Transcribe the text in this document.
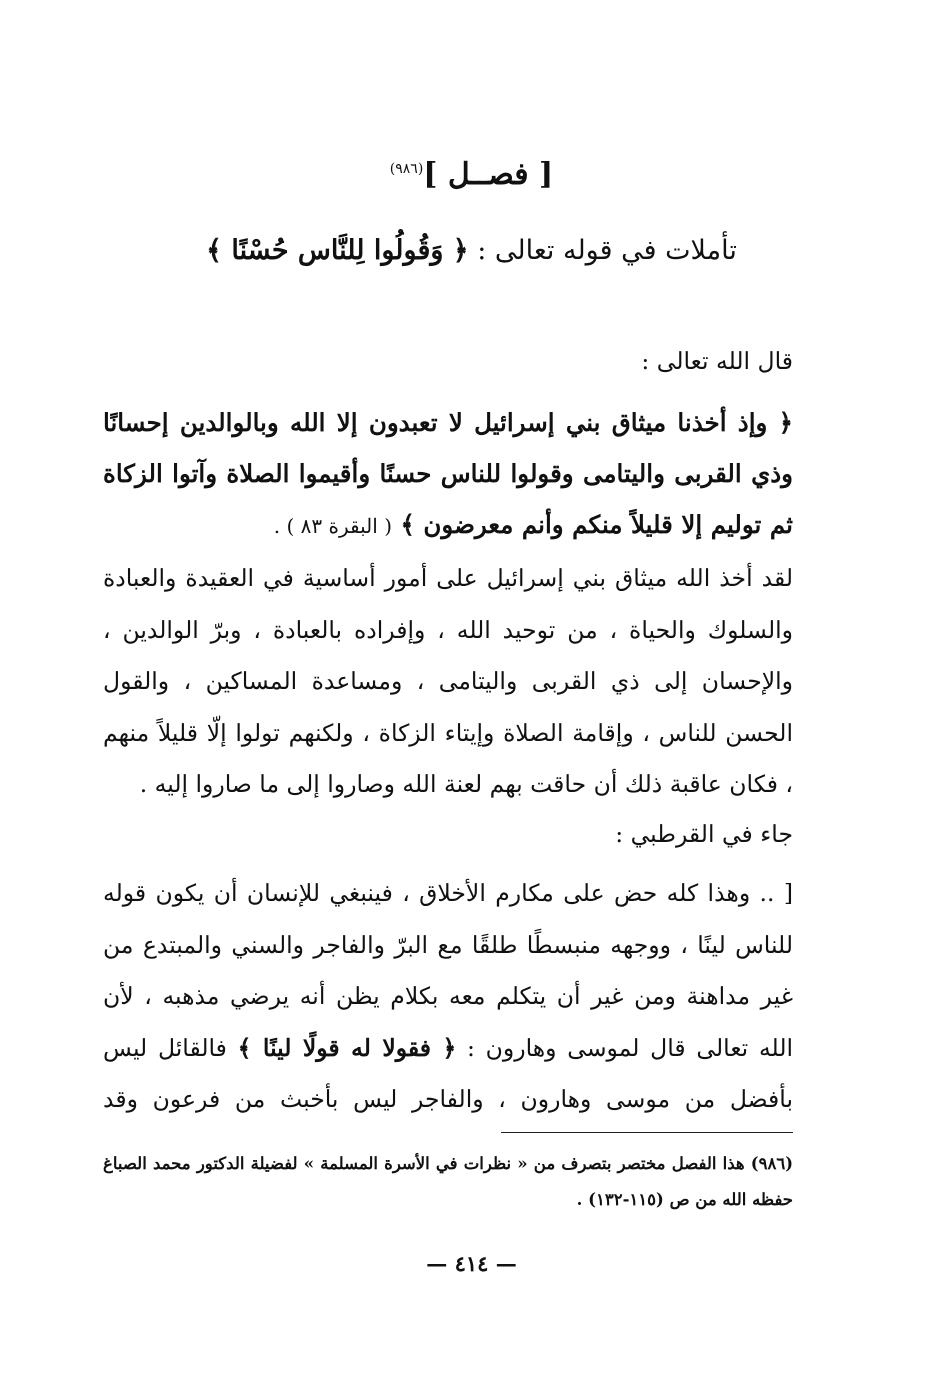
[ فصــل ]$^{(٩٨٦)}$
تأملات في قوله تعالى : ﴿ وَقُولُوا لِلنَّاس حُسْنًا ﴾
قال الله تعالى :
﴿ وإذ أخذنا ميثاق بني إسرائيل لا تعبدون إلا الله وبالوالدين إحسانًا وذي القربى واليتامى وقولوا للناس حسنًا وأقيموا الصلاة وآتوا الزكاة ثم توليم إلا قليلاً منكم وأنم معرضون ﴾ ( البقرة ٨٣ ) .
لقد أخذ الله ميثاق بني إسرائيل على أمور أساسية في العقيدة والعبادة والسلوك والحياة ، من توحيد الله ، وإفراده بالعبادة ، وبرّ الوالدين ، والإحسان إلى ذي القربى واليتامى ، ومساعدة المساكين ، والقول الحسن للناس ، وإقامة الصلاة وإيتاء الزكاة ، ولكنهم تولوا إلّا قليلاً منهم ، فكان عاقبة ذلك أن حاقت بهم لعنة الله وصاروا إلى ما صاروا إليه .
جاء في القرطبي :
[ .. وهذا كله حض على مكارم الأخلاق ، فينبغي للإنسان أن يكون قوله للناس لينًا ، ووجهه منبسطًا طلقًا مع البرّ والفاجر والسني والمبتدع من غير مداهنة ومن غير أن يتكلم معه بكلام يظن أنه يرضي مذهبه ، لأن الله تعالى قال لموسى وهارون : ﴿ فقولا له قولًا لينًا ﴾ فالقائل ليس بأفضل من موسى وهارون ، والفاجر ليس بأخبث من فرعون وقد
(٩٨٦) هذا الفصل مختصر بتصرف من « نظرات في الأسرة المسلمة » لفضيلة الدكتور محمد الصباغ حفظه الله من ص (١١٥-١٣٢) .
— ٤١٤ —
